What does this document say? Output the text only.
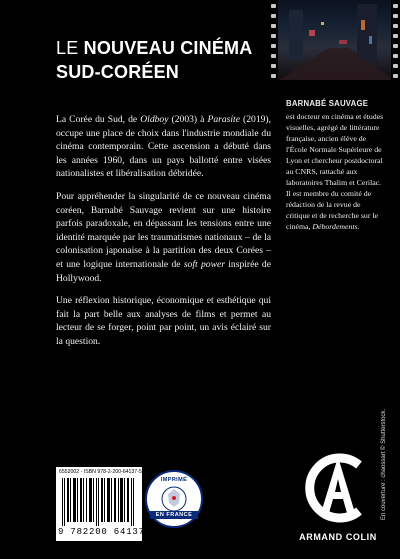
LE NOUVEAU CINÉMA
SUD-CORÉEN

La Corée du Sud, de Oldboy (2003) à Parasite (2019), occupe une place de choix dans l'industrie mondiale du cinéma contemporain. Cette ascension a débuté dans les années 1960, dans un pays ballotté entre visées nationalistes et libéralisation débridée.

Pour appréhender la singularité de ce nouveau cinéma coréen, Barnabé Sauvage revient sur une histoire parfois paradoxale, en dépassant les tensions entre une identité marquée par les traumatismes nationaux – de la colonisation japonaise à la partition des deux Corées – et une logique internationale de soft power inspirée de Hollywood.

Une réflexion historique, économique et esthétique qui fait la part belle aux analyses de films et permet au lecteur de se forger, point par point, un avis éclairé sur la question.

BARNABÉ SAUVAGE
est docteur en cinéma et études visuelles, agrégé de littérature française, ancien élève de l'École Normale Supérieure de Lyon et chercheur postdoctoral au CNRS, rattaché aux laboratoires Thalim et Cerilac. Il est membre du comité de rédaction de la revue de critique et de recherche sur le cinéma, Débordements.
En couverture : chaossart © Shutterstock.
6552002 - ISBN 978-2-200-64137-5
9 782200 641375
IMPRIMÉ
EN FRANCE
ARMAND COLIN
